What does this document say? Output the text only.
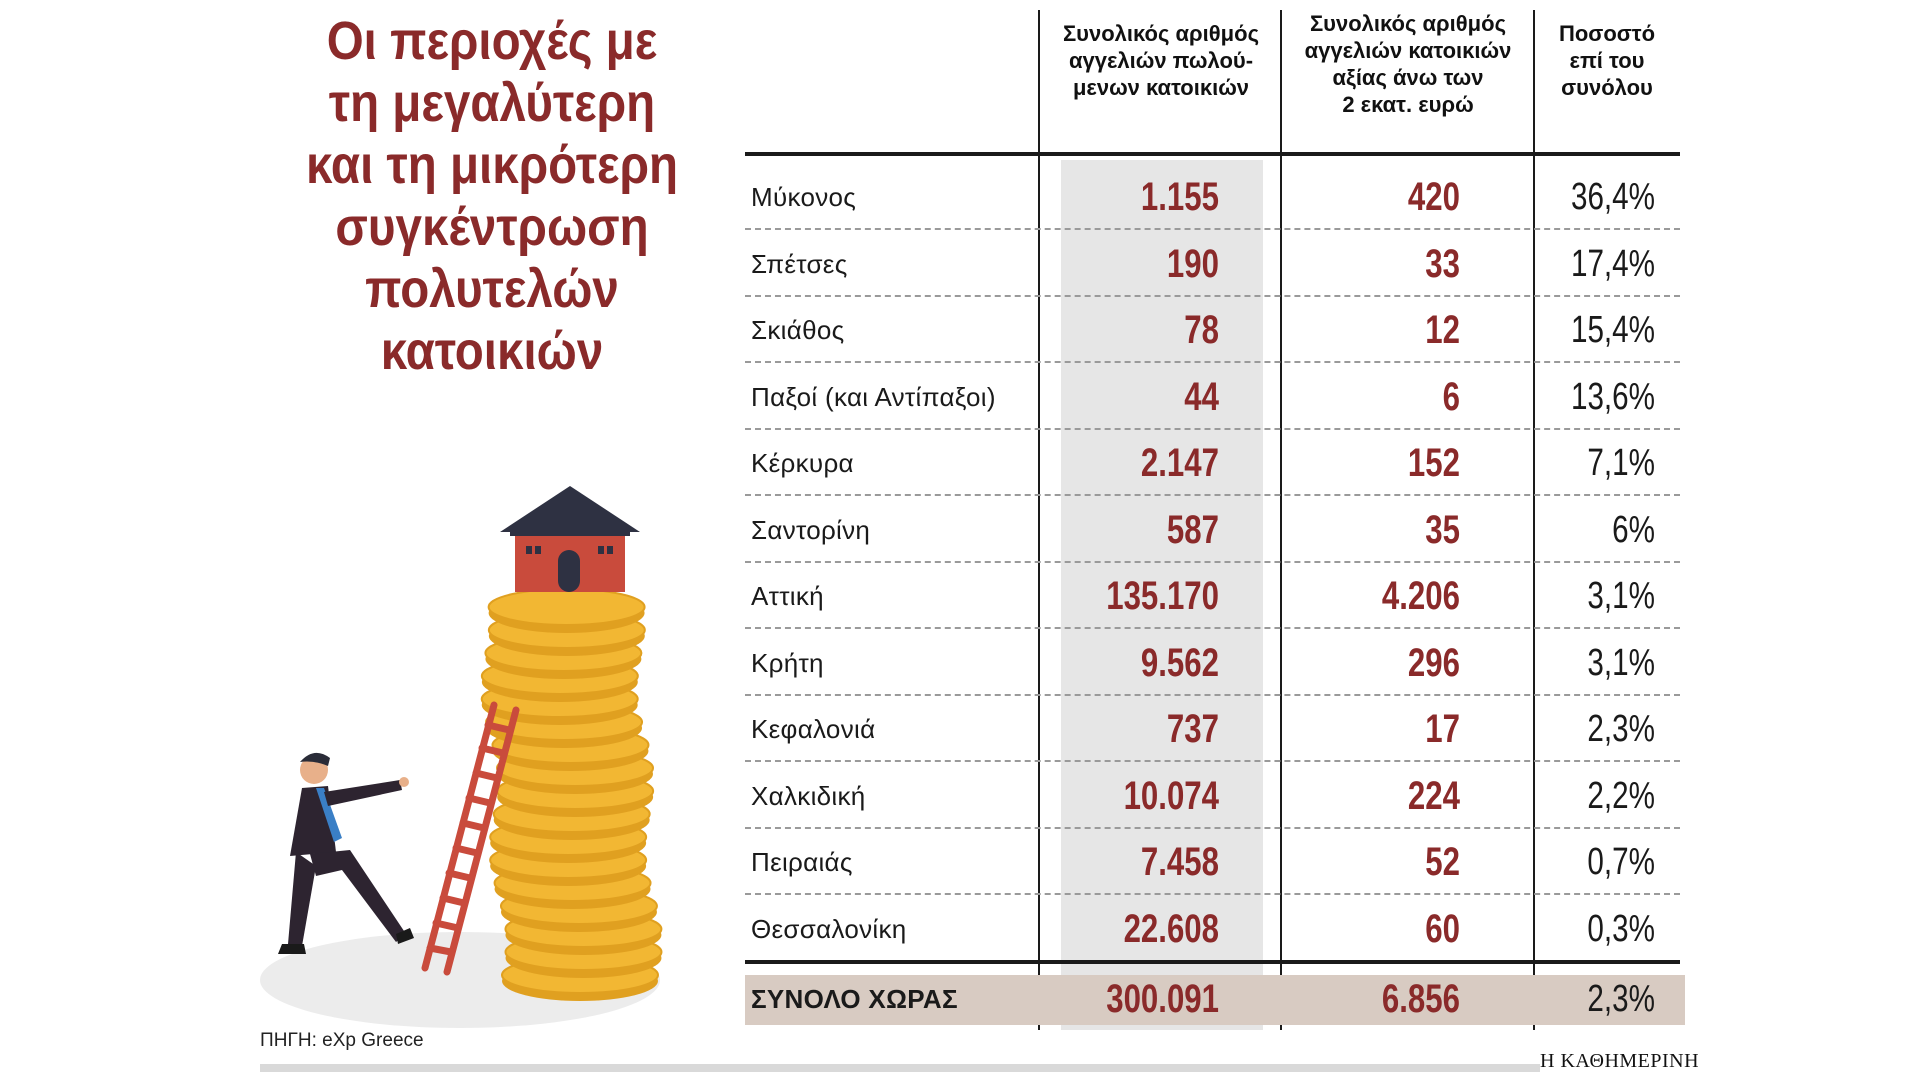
Οι περιοχές με
τη μεγαλύτερη
και τη μικρότερη
συγκέντρωση
πολυτελών
κατοικιών
Συνολικός αριθμός
αγγελιών πωλού-
μενων κατοικιών
Συνολικός αριθμός
αγγελιών κατοικιών
αξίας άνω των
2 εκατ. ευρώ
Ποσοστό
επί του
συνόλου
Μύκονος	1.155	420	36,4%
Σπέτσες	190	33	17,4%
Σκιάθος	78	12	15,4%
Παξοί (και Αντίπαξοι)	44	6	13,6%
Κέρκυρα	2.147	152	7,1%
Σαντορίνη	587	35	6%
Αττική	135.170	4.206	3,1%
Κρήτη	9.562	296	3,1%
Κεφαλονιά	737	17	2,3%
Χαλκιδική	10.074	224	2,2%
Πειραιάς	7.458	52	0,7%
Θεσσαλονίκη	22.608	60	0,3%
ΣΥΝΟΛΟ ΧΩΡΑΣ	300.091	6.856	2,3%
ΠΗΓΗ: eXp Greece
Η ΚΑΘΗΜΕΡΙΝΗ
